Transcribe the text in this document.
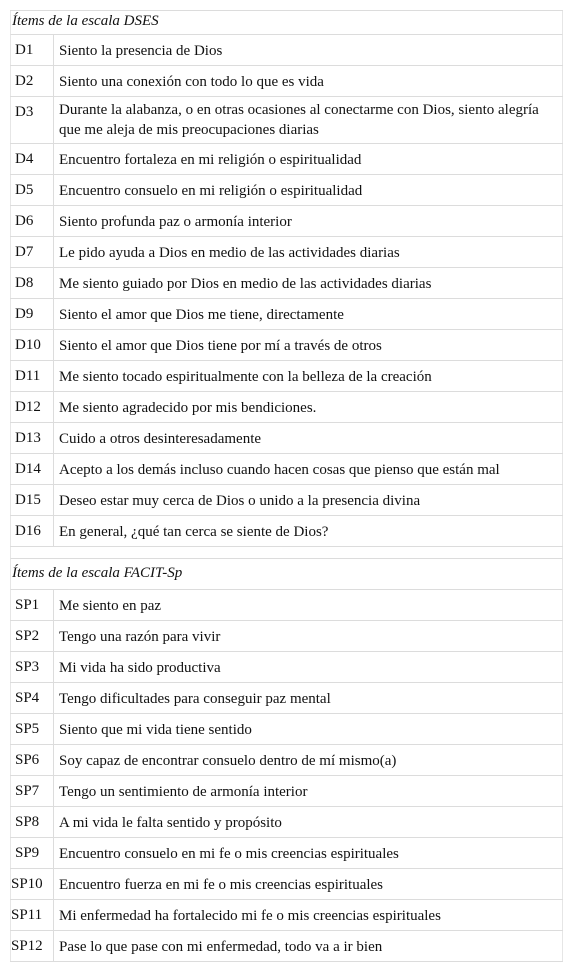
Ítems de la escala DSES
D1	Siento la presencia de Dios
D2	Siento una conexión con todo lo que es vida
D3	Durante la alabanza, o en otras ocasiones al conectarme con Dios, siento alegría que me aleja de mis preocupaciones diarias
D4	Encuentro fortaleza en mi religión o espiritualidad
D5	Encuentro consuelo en mi religión o espiritualidad
D6	Siento profunda paz o armonía interior
D7	Le pido ayuda a Dios en medio de las actividades diarias
D8	Me siento guiado por Dios en medio de las actividades diarias
D9	Siento el amor que Dios me tiene, directamente
D10	Siento el amor que Dios tiene por mí a través de otros
D11	Me siento tocado espiritualmente con la belleza de la creación
D12	Me siento agradecido por mis bendiciones.
D13	Cuido a otros desinteresadamente
D14	Acepto a los demás incluso cuando hacen cosas que pienso que están mal
D15	Deseo estar muy cerca de Dios o unido a la presencia divina
D16	En general, ¿qué tan cerca se siente de Dios?
Ítems de la escala FACIT-Sp
SP1	Me siento en paz
SP2	Tengo una razón para vivir
SP3	Mi vida ha sido productiva
SP4	Tengo dificultades para conseguir paz mental
SP5	Siento que mi vida tiene sentido
SP6	Soy capaz de encontrar consuelo dentro de mí mismo(a)
SP7	Tengo un sentimiento de armonía interior
SP8	A mi vida le falta sentido y propósito
SP9	Encuentro consuelo en mi fe o mis creencias espirituales
SP10	Encuentro fuerza en mi fe o mis creencias espirituales
SP11	Mi enfermedad ha fortalecido mi fe o mis creencias espirituales
SP12	Pase lo que pase con mi enfermedad, todo va a ir bien
